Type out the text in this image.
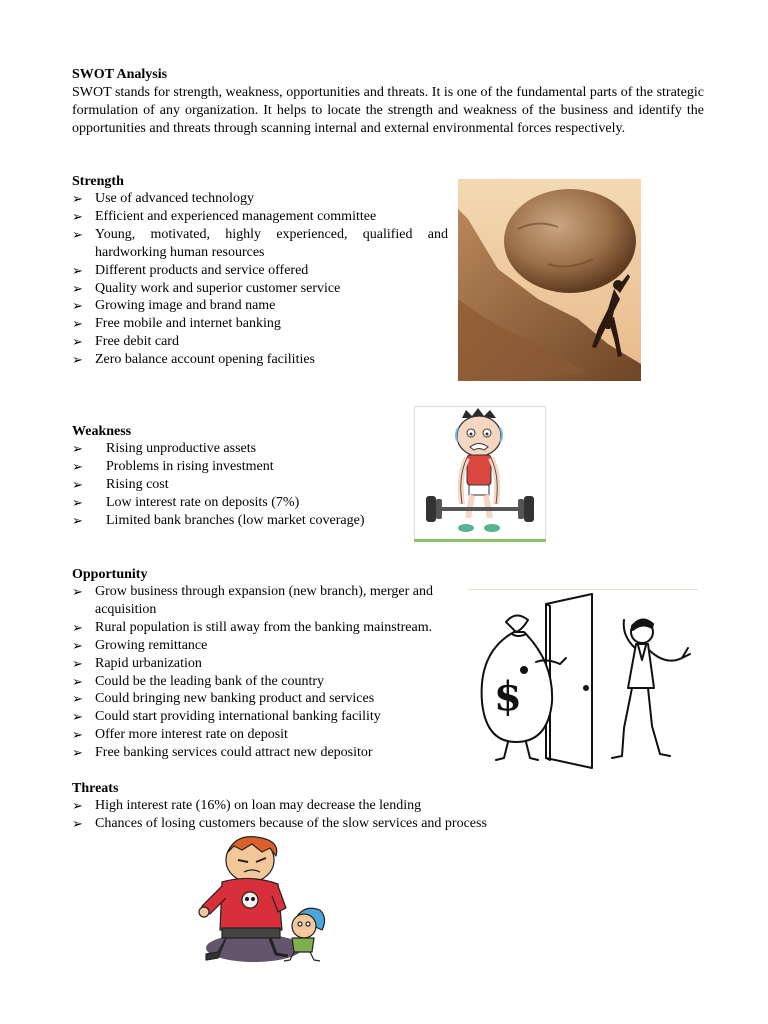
SWOT Analysis

SWOT stands for strength, weakness, opportunities and threats. It is one of the fundamental parts of the strategic formulation of any organization. It helps to locate the strength and weakness of the business and identify the opportunities and threats through scanning internal and external environmental forces respectively.

Strength
➢ Use of advanced technology
➢ Efficient and experienced management committee
➢ Young, motivated, highly experienced, qualified and hardworking human resources
➢ Different products and service offered
➢ Quality work and superior customer service
➢ Growing image and brand name
➢ Free mobile and internet banking
➢ Free debit card
➢ Zero balance account opening facilities
Weakness
➢ Rising unproductive assets
➢ Problems in rising investment
➢ Rising cost
➢ Low interest rate on deposits (7%)
➢ Limited bank branches (low market coverage)
Opportunity
➢ Grow business through expansion (new branch), merger and acquisition
➢ Rural population is still away from the banking mainstream.
➢ Growing remittance
➢ Rapid urbanization
➢ Could be the leading bank of the country
➢ Could bringing new banking product and services
➢ Could start providing international banking facility
➢ Offer more interest rate on deposit
➢ Free banking services could attract new depositor
$
Threats
➢ High interest rate (16%) on loan may decrease the lending
➢ Chances of losing customers because of the slow services and process
